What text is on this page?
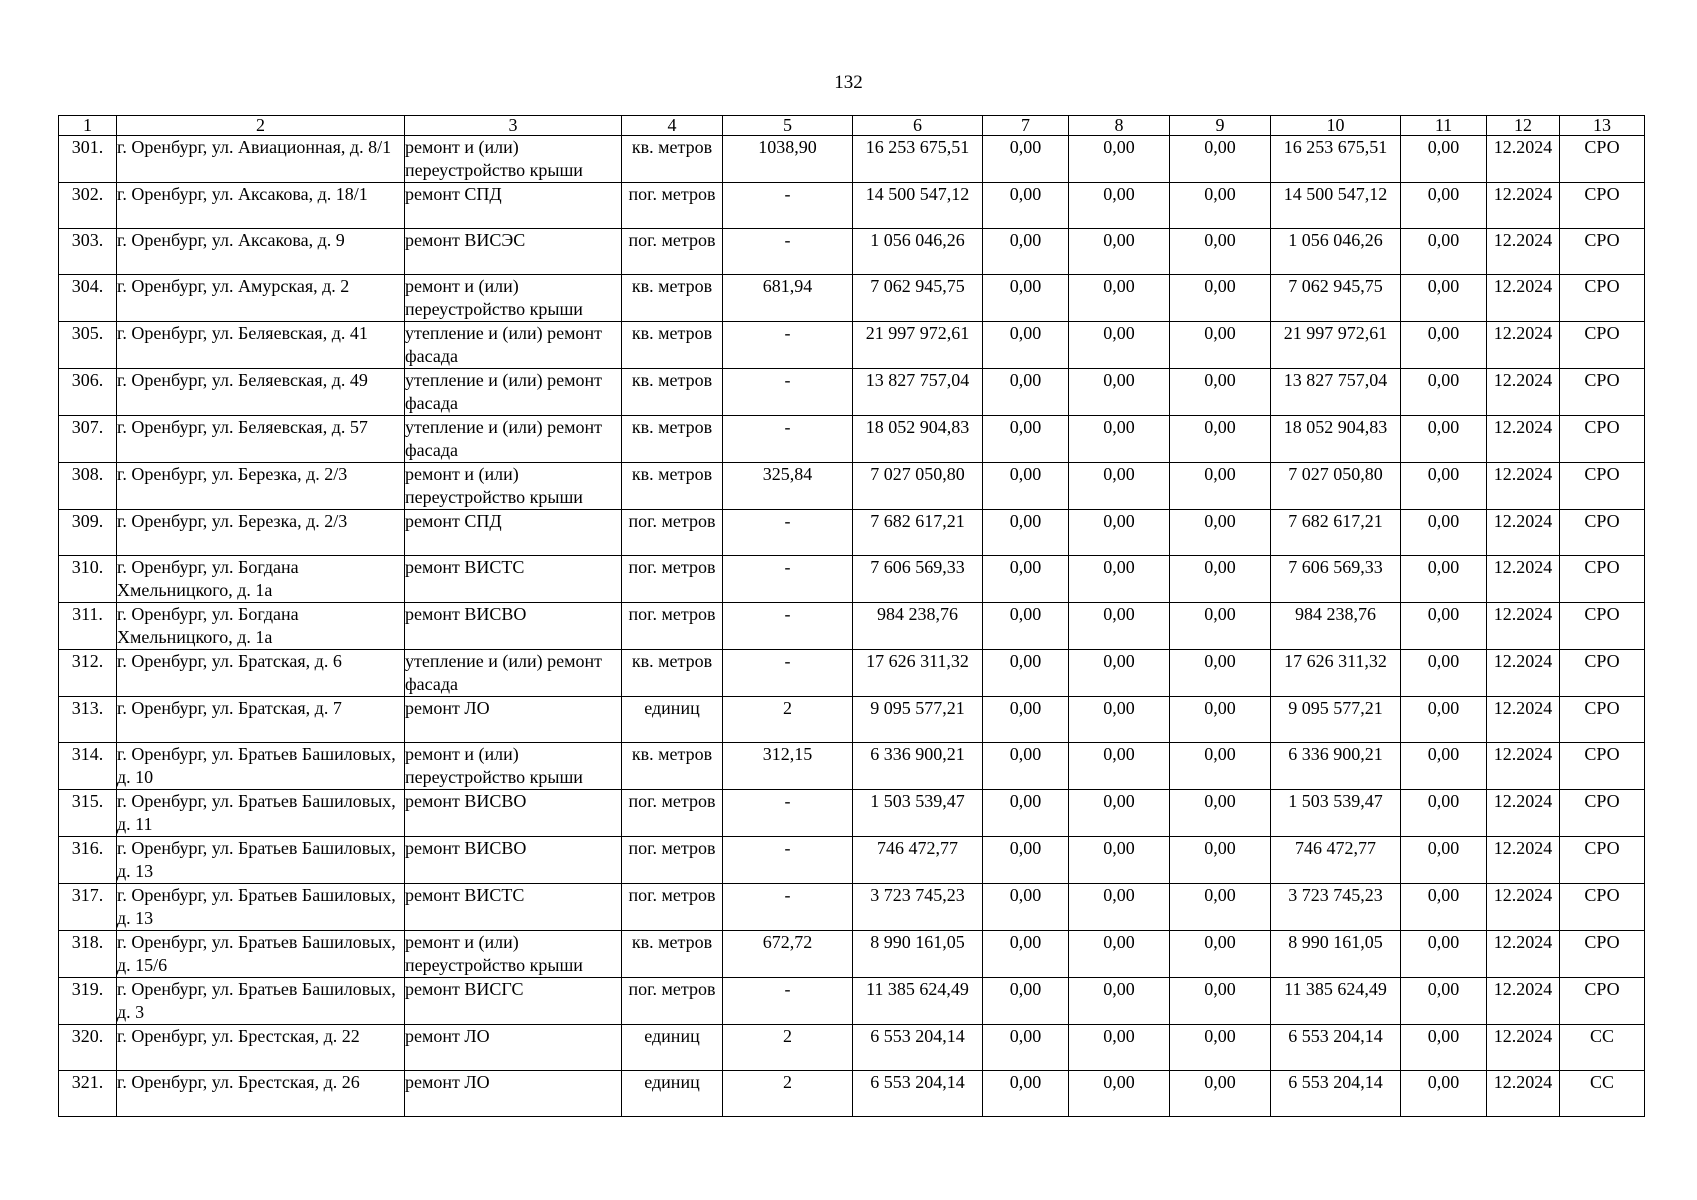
132
1	2	3	4	5	6	7	8	9	10	11	12	13
301.	г. Оренбург, ул. Авиационная, д. 8/1	ремонт и (или) переустройство крыши	кв. метров	1038,90	16 253 675,51	0,00	0,00	0,00	16 253 675,51	0,00	12.2024	СРО
302.	г. Оренбург, ул. Аксакова, д. 18/1	ремонт СПД	пог. метров	-	14 500 547,12	0,00	0,00	0,00	14 500 547,12	0,00	12.2024	СРО
303.	г. Оренбург, ул. Аксакова, д. 9	ремонт ВИСЭС	пог. метров	-	1 056 046,26	0,00	0,00	0,00	1 056 046,26	0,00	12.2024	СРО
304.	г. Оренбург, ул. Амурская, д. 2	ремонт и (или) переустройство крыши	кв. метров	681,94	7 062 945,75	0,00	0,00	0,00	7 062 945,75	0,00	12.2024	СРО
305.	г. Оренбург, ул. Беляевская, д. 41	утепление и (или) ремонт фасада	кв. метров	-	21 997 972,61	0,00	0,00	0,00	21 997 972,61	0,00	12.2024	СРО
306.	г. Оренбург, ул. Беляевская, д. 49	утепление и (или) ремонт фасада	кв. метров	-	13 827 757,04	0,00	0,00	0,00	13 827 757,04	0,00	12.2024	СРО
307.	г. Оренбург, ул. Беляевская, д. 57	утепление и (или) ремонт фасада	кв. метров	-	18 052 904,83	0,00	0,00	0,00	18 052 904,83	0,00	12.2024	СРО
308.	г. Оренбург, ул. Березка, д. 2/3	ремонт и (или) переустройство крыши	кв. метров	325,84	7 027 050,80	0,00	0,00	0,00	7 027 050,80	0,00	12.2024	СРО
309.	г. Оренбург, ул. Березка, д. 2/3	ремонт СПД	пог. метров	-	7 682 617,21	0,00	0,00	0,00	7 682 617,21	0,00	12.2024	СРО
310.	г. Оренбург, ул. Богдана Хмельницкого, д. 1а	ремонт ВИСТС	пог. метров	-	7 606 569,33	0,00	0,00	0,00	7 606 569,33	0,00	12.2024	СРО
311.	г. Оренбург, ул. Богдана Хмельницкого, д. 1а	ремонт ВИСВО	пог. метров	-	984 238,76	0,00	0,00	0,00	984 238,76	0,00	12.2024	СРО
312.	г. Оренбург, ул. Братская, д. 6	утепление и (или) ремонт фасада	кв. метров	-	17 626 311,32	0,00	0,00	0,00	17 626 311,32	0,00	12.2024	СРО
313.	г. Оренбург, ул. Братская, д. 7	ремонт ЛО	единиц	2	9 095 577,21	0,00	0,00	0,00	9 095 577,21	0,00	12.2024	СРО
314.	г. Оренбург, ул. Братьев Башиловых, д. 10	ремонт и (или) переустройство крыши	кв. метров	312,15	6 336 900,21	0,00	0,00	0,00	6 336 900,21	0,00	12.2024	СРО
315.	г. Оренбург, ул. Братьев Башиловых, д. 11	ремонт ВИСВО	пог. метров	-	1 503 539,47	0,00	0,00	0,00	1 503 539,47	0,00	12.2024	СРО
316.	г. Оренбург, ул. Братьев Башиловых, д. 13	ремонт ВИСВО	пог. метров	-	746 472,77	0,00	0,00	0,00	746 472,77	0,00	12.2024	СРО
317.	г. Оренбург, ул. Братьев Башиловых, д. 13	ремонт ВИСТС	пог. метров	-	3 723 745,23	0,00	0,00	0,00	3 723 745,23	0,00	12.2024	СРО
318.	г. Оренбург, ул. Братьев Башиловых, д. 15/6	ремонт и (или) переустройство крыши	кв. метров	672,72	8 990 161,05	0,00	0,00	0,00	8 990 161,05	0,00	12.2024	СРО
319.	г. Оренбург, ул. Братьев Башиловых, д. 3	ремонт ВИСГС	пог. метров	-	11 385 624,49	0,00	0,00	0,00	11 385 624,49	0,00	12.2024	СРО
320.	г. Оренбург, ул. Брестская, д. 22	ремонт ЛО	единиц	2	6 553 204,14	0,00	0,00	0,00	6 553 204,14	0,00	12.2024	СС
321.	г. Оренбург, ул. Брестская, д. 26	ремонт ЛО	единиц	2	6 553 204,14	0,00	0,00	0,00	6 553 204,14	0,00	12.2024	СС
